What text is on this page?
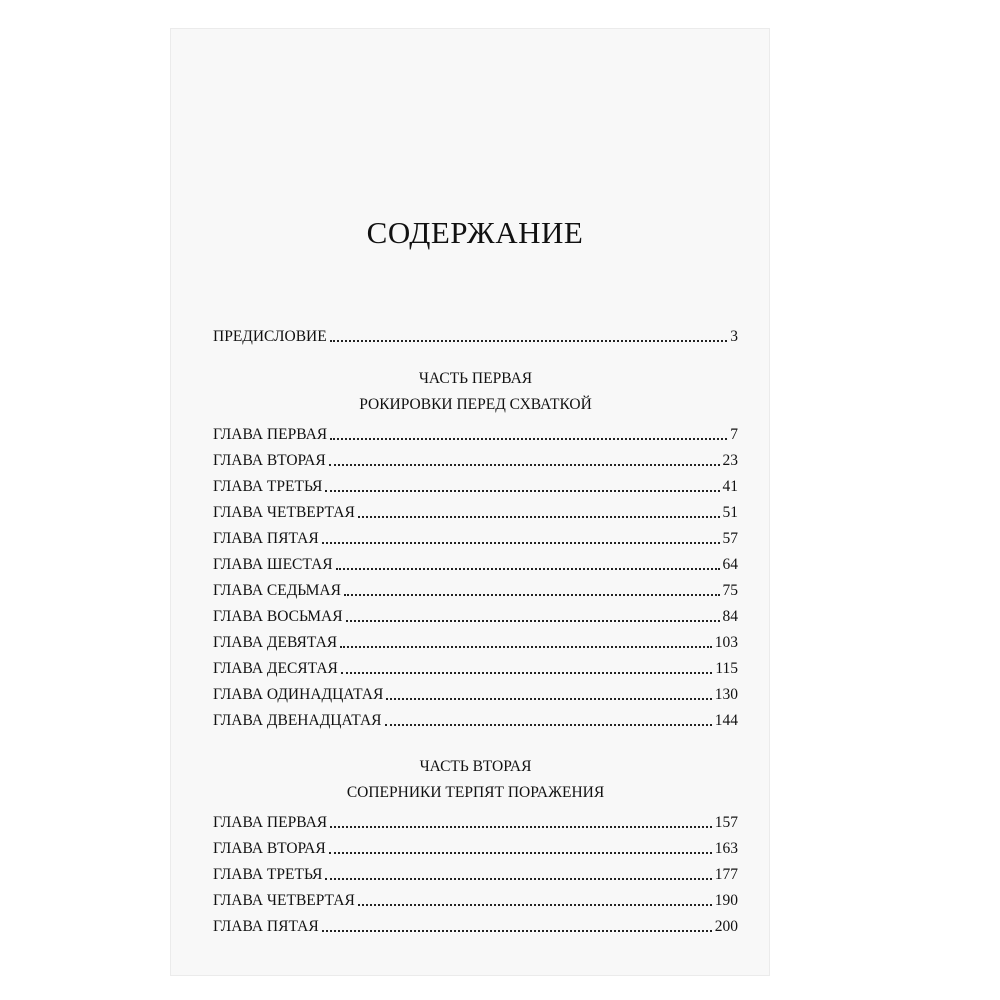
СОДЕРЖАНИЕ
ПРЕДИСЛОВИЕ	3
ЧАСТЬ ПЕРВАЯ
РОКИРОВКИ ПЕРЕД СХВАТКОЙ
ГЛАВА ПЕРВАЯ	7
ГЛАВА ВТОРАЯ	23
ГЛАВА ТРЕТЬЯ	41
ГЛАВА ЧЕТВЕРТАЯ	51
ГЛАВА ПЯТАЯ	57
ГЛАВА ШЕСТАЯ	64
ГЛАВА СЕДЬМАЯ	75
ГЛАВА ВОСЬМАЯ	84
ГЛАВА ДЕВЯТАЯ	103
ГЛАВА ДЕСЯТАЯ	115
ГЛАВА ОДИНАДЦАТАЯ	130
ГЛАВА ДВЕНАДЦАТАЯ	144
ЧАСТЬ ВТОРАЯ
СОПЕРНИКИ ТЕРПЯТ ПОРАЖЕНИЯ
ГЛАВА ПЕРВАЯ	157
ГЛАВА ВТОРАЯ	163
ГЛАВА ТРЕТЬЯ	177
ГЛАВА ЧЕТВЕРТАЯ	190
ГЛАВА ПЯТАЯ	200
